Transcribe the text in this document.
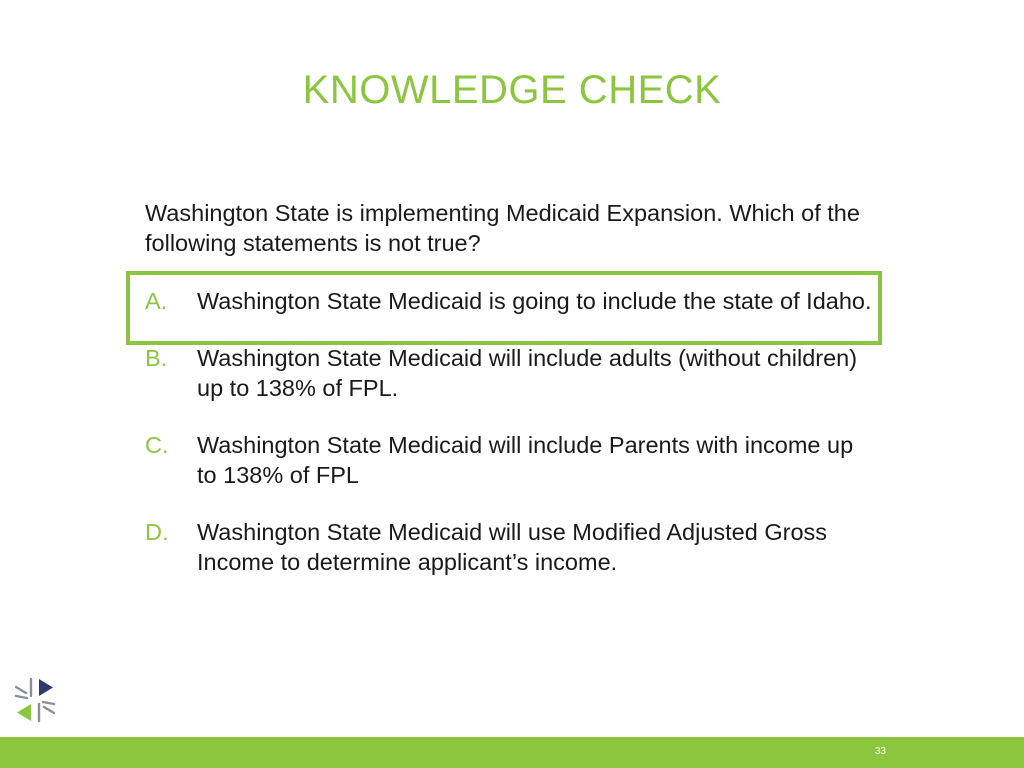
KNOWLEDGE CHECK

Washington State is implementing Medicaid Expansion. Which of the following statements is not true?

A.	Washington State Medicaid is going to include the state of Idaho.
B.	Washington State Medicaid will include adults (without children) up to 138% of FPL.
C.	Washington State Medicaid will include Parents with income up to 138% of FPL
D.	Washington State Medicaid will use Modified Adjusted Gross Income to determine applicant’s income.
33
